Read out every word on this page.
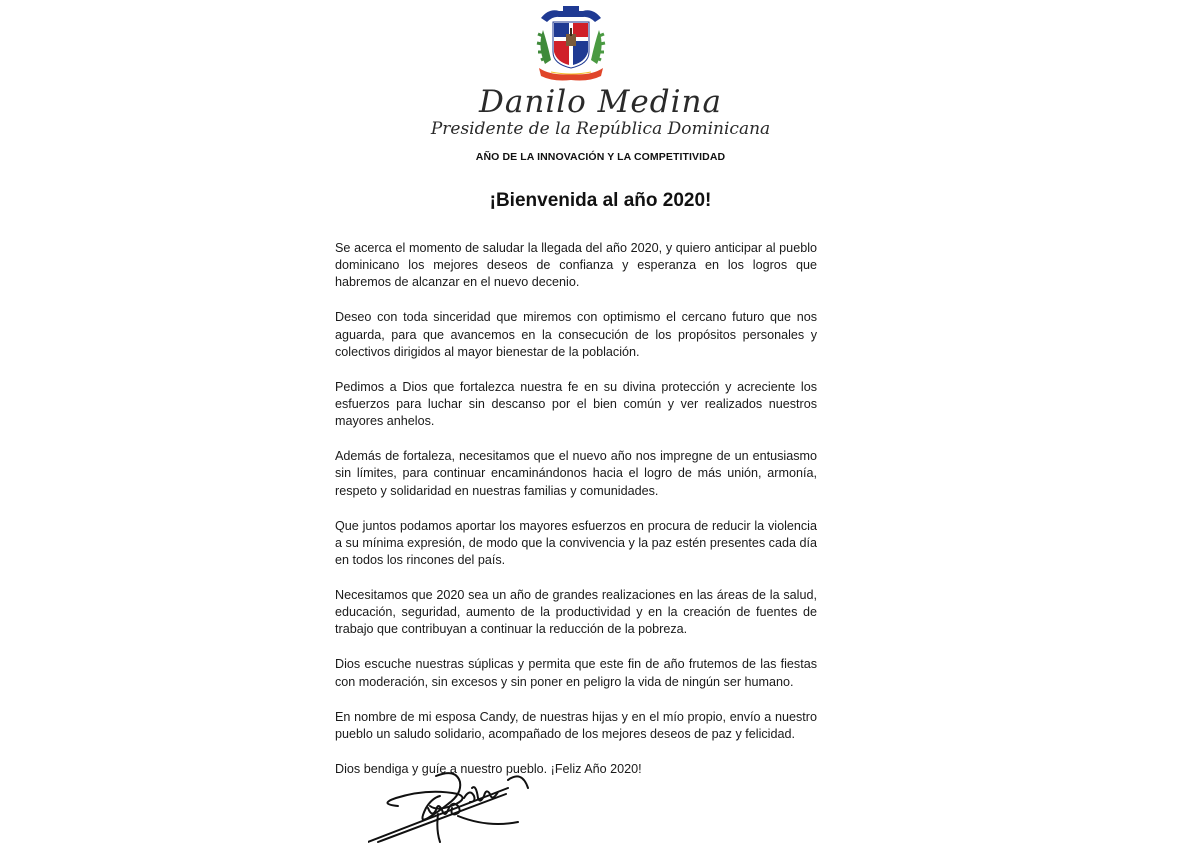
Danilo Medina
Presidente de la República Dominicana
AÑO DE LA INNOVACIÓN Y LA COMPETITIVIDAD
¡Bienvenida al año 2020!

Se acerca el momento de saludar la llegada del año 2020, y quiero anticipar al pueblo dominicano los mejores deseos de confianza y esperanza en los logros que habremos de alcanzar en el nuevo decenio.

Deseo con toda sinceridad que miremos con optimismo el cercano futuro que nos aguarda, para que avancemos en la consecución de los propósitos personales y colectivos dirigidos al mayor bienestar de la población.

Pedimos a Dios que fortalezca nuestra fe en su divina protección y acreciente los esfuerzos para luchar sin descanso por el bien común y ver realizados nuestros mayores anhelos.

Además de fortaleza, necesitamos que el nuevo año nos impregne de un entusiasmo sin límites, para continuar encaminándonos hacia el logro de más unión, armonía, respeto y solidaridad en nuestras familias y comunidades.

Que juntos podamos aportar los mayores esfuerzos en procura de reducir la violencia a su mínima expresión, de modo que la convivencia y la paz estén presentes cada día en todos los rincones del país.

Necesitamos que 2020 sea un año de grandes realizaciones en las áreas de la salud, educación, seguridad, aumento de la productividad y en la creación de fuentes de trabajo que contribuyan a continuar la reducción de la pobreza.

Dios escuche nuestras súplicas y permita que este fin de año frutemos de las fiestas con moderación, sin excesos y sin poner en peligro la vida de ningún ser humano.

En nombre de mi esposa Candy, de nuestras hijas y en el mío propio, envío a nuestro pueblo un saludo solidario, acompañado de los mejores deseos de paz y felicidad.

Dios bendiga y guíe a nuestro pueblo. ¡Feliz Año 2020!
